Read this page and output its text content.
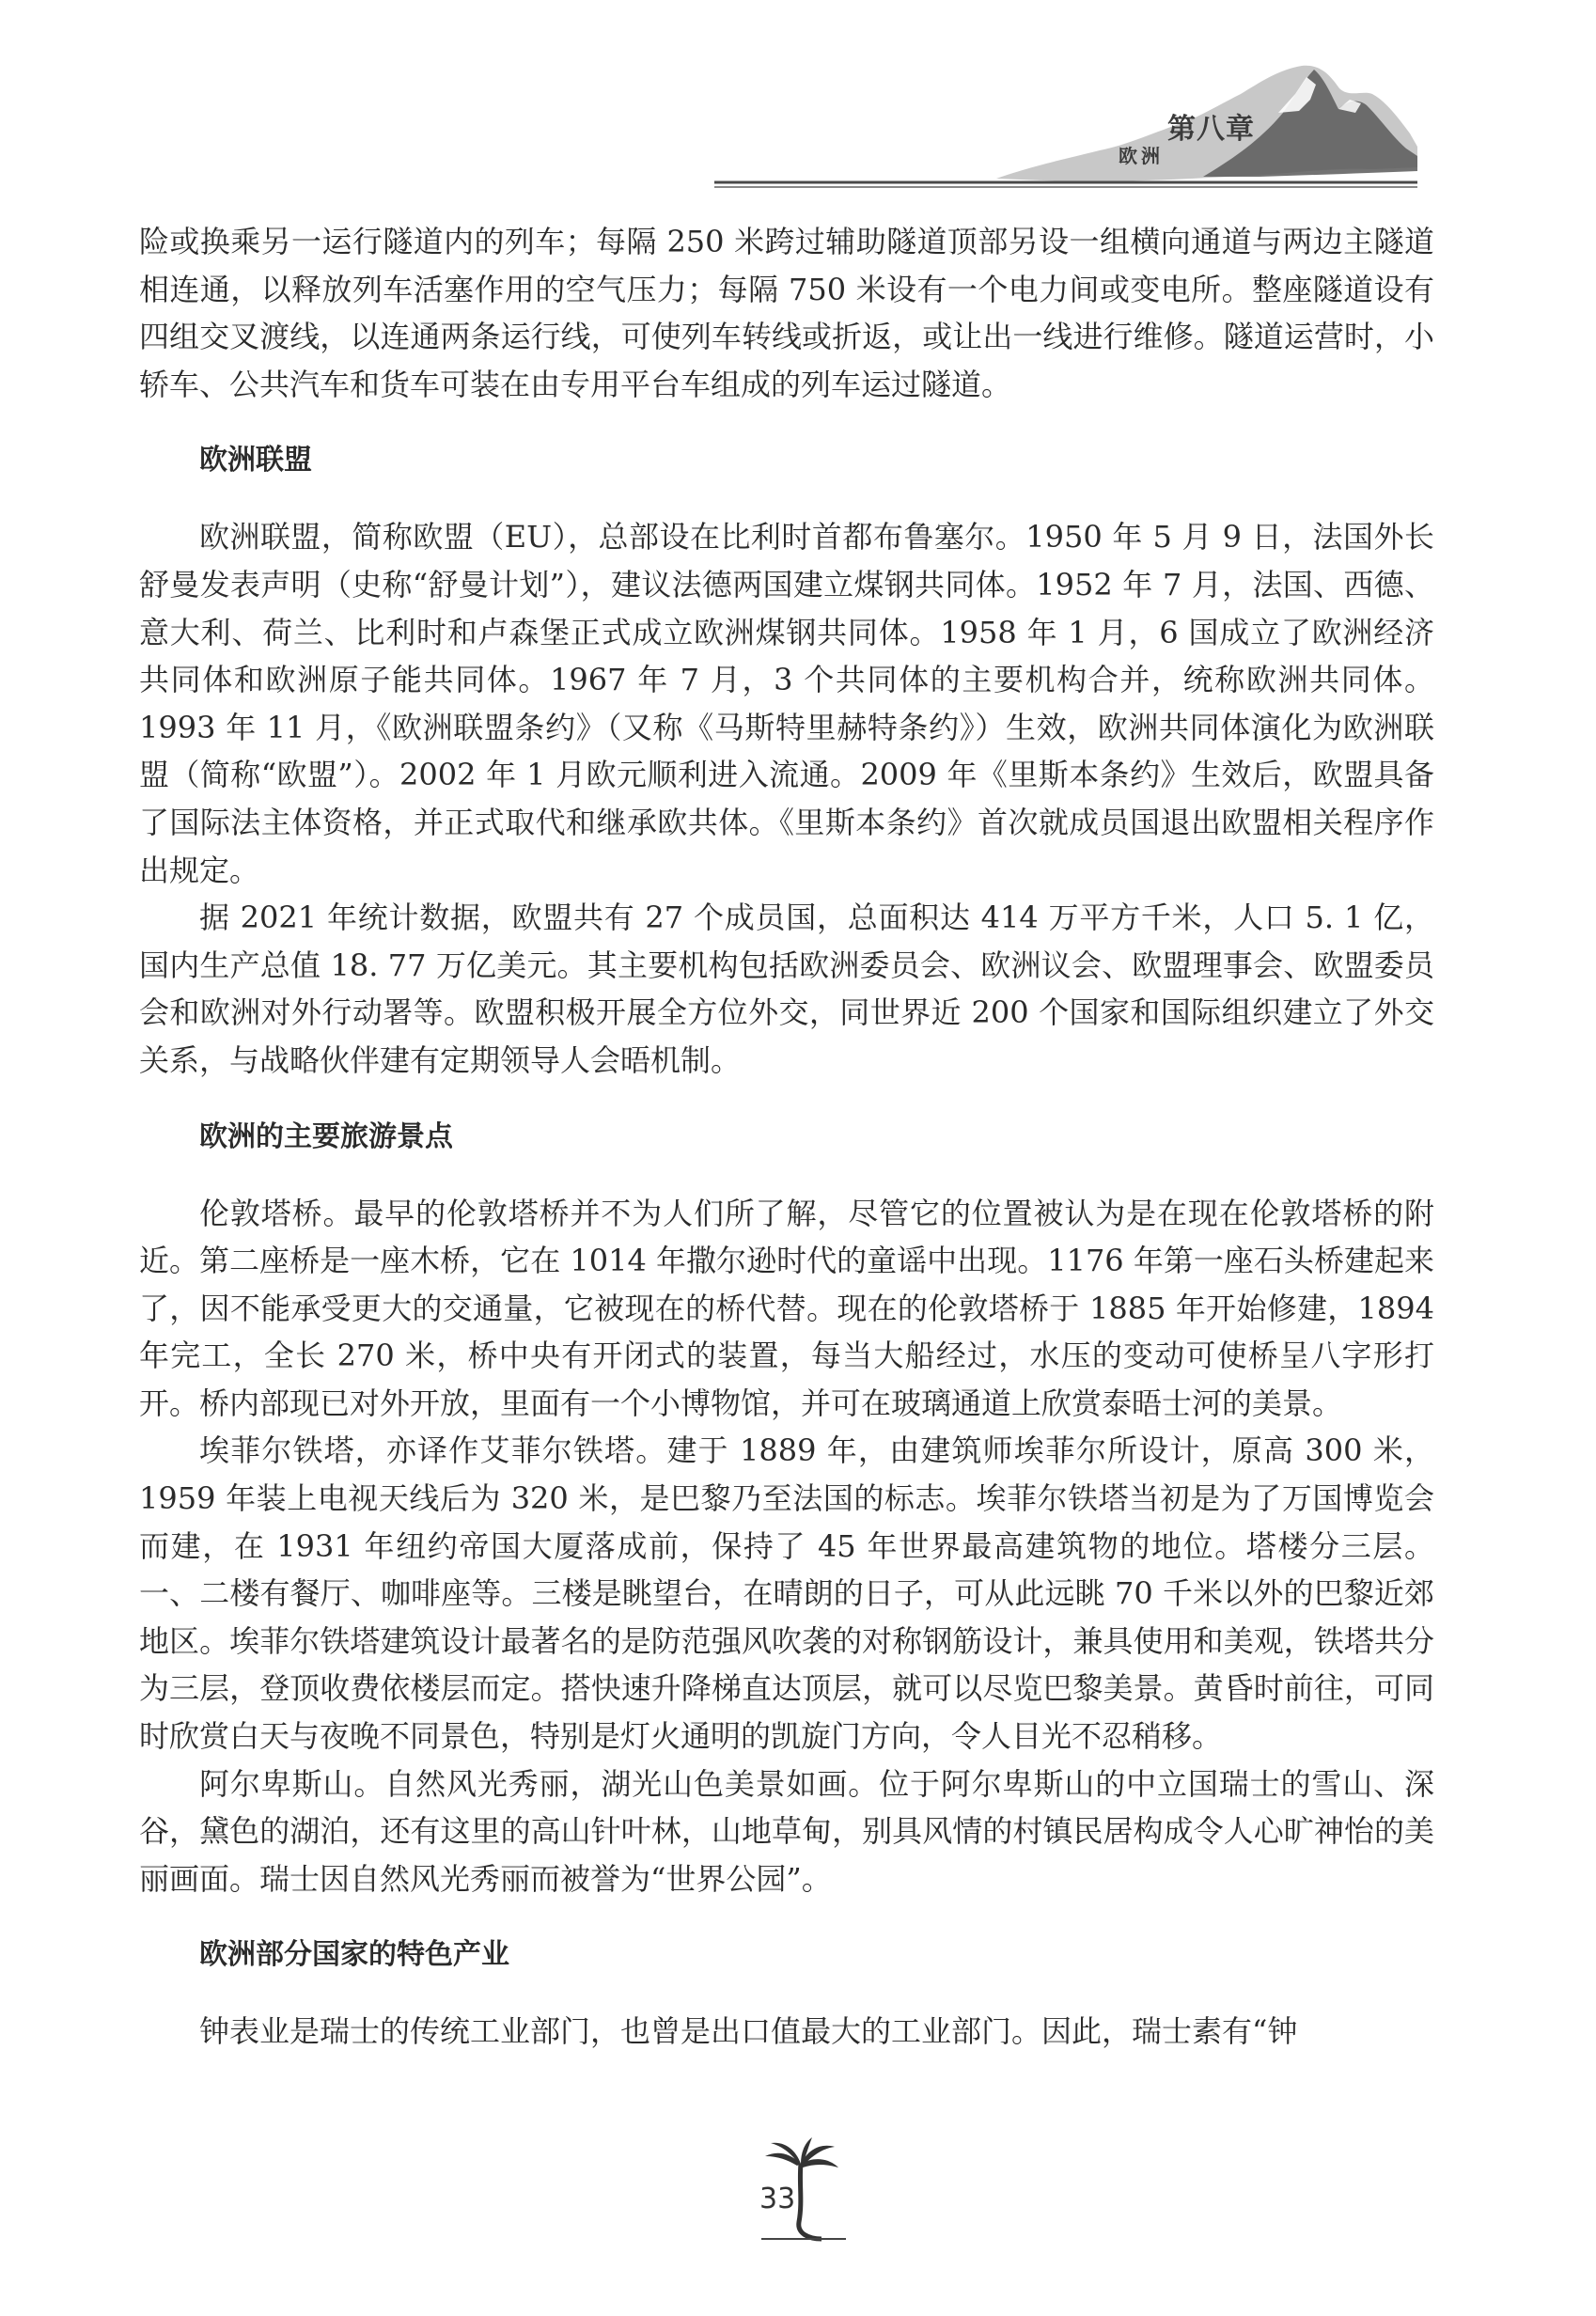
第八章
欧洲

险或换乘另一运行隧道内的列车；每隔 250 米跨过辅助隧道顶部另设一组横向通道与两边主隧道相连通，以释放列车活塞作用的空气压力；每隔 750 米设有一个电力间或变电所。整座隧道设有四组交叉渡线，以连通两条运行线，可使列车转线或折返，或让出一线进行维修。隧道运营时，小轿车、公共汽车和货车可装在由专用平台车组成的列车运过隧道。

欧洲联盟

欧洲联盟，简称欧盟（EU），总部设在比利时首都布鲁塞尔。1950 年 5 月 9 日，法国外长舒曼发表声明（史称“舒曼计划”），建议法德两国建立煤钢共同体。1952 年 7 月，法国、西德、意大利、荷兰、比利时和卢森堡正式成立欧洲煤钢共同体。1958 年 1 月，6 国成立了欧洲经济共同体和欧洲原子能共同体。1967 年 7 月，3 个共同体的主要机构合并，统称欧洲共同体。1993 年 11 月，《欧洲联盟条约》（又称《马斯特里赫特条约》）生效，欧洲共同体演化为欧洲联盟（简称“欧盟”）。2002 年 1 月欧元顺利进入流通。2009 年《里斯本条约》生效后，欧盟具备了国际法主体资格，并正式取代和继承欧共体。《里斯本条约》首次就成员国退出欧盟相关程序作出规定。

据 2021 年统计数据，欧盟共有 27 个成员国，总面积达 414 万平方千米，人口 5. 1 亿，国内生产总值 18. 77 万亿美元。其主要机构包括欧洲委员会、欧洲议会、欧盟理事会、欧盟委员会和欧洲对外行动署等。欧盟积极开展全方位外交，同世界近 200 个国家和国际组织建立了外交关系，与战略伙伴建有定期领导人会晤机制。

欧洲的主要旅游景点

伦敦塔桥。最早的伦敦塔桥并不为人们所了解，尽管它的位置被认为是在现在伦敦塔桥的附近。第二座桥是一座木桥，它在 1014 年撒尔逊时代的童谣中出现。1176 年第一座石头桥建起来了，因不能承受更大的交通量，它被现在的桥代替。现在的伦敦塔桥于 1885 年开始修建，1894 年完工，全长 270 米，桥中央有开闭式的装置，每当大船经过，水压的变动可使桥呈八字形打开。桥内部现已对外开放，里面有一个小博物馆，并可在玻璃通道上欣赏泰晤士河的美景。

埃菲尔铁塔，亦译作艾菲尔铁塔。建于 1889 年，由建筑师埃菲尔所设计，原高 300 米，1959 年装上电视天线后为 320 米，是巴黎乃至法国的标志。埃菲尔铁塔当初是为了万国博览会而建，在 1931 年纽约帝国大厦落成前，保持了 45 年世界最高建筑物的地位。塔楼分三层。一、二楼有餐厅、咖啡座等。三楼是眺望台，在晴朗的日子，可从此远眺 70 千米以外的巴黎近郊地区。埃菲尔铁塔建筑设计最著名的是防范强风吹袭的对称钢筋设计，兼具使用和美观，铁塔共分为三层，登顶收费依楼层而定。搭快速升降梯直达顶层，就可以尽览巴黎美景。黄昏时前往，可同时欣赏白天与夜晚不同景色，特别是灯火通明的凯旋门方向，令人目光不忍稍移。

阿尔卑斯山。自然风光秀丽，湖光山色美景如画。位于阿尔卑斯山的中立国瑞士的雪山、深谷，黛色的湖泊，还有这里的高山针叶林，山地草甸，别具风情的村镇民居构成令人心旷神怡的美丽画面。瑞士因自然风光秀丽而被誉为“世界公园”。

欧洲部分国家的特色产业

钟表业是瑞士的传统工业部门，也曾是出口值最大的工业部门。因此，瑞士素有“钟

33
